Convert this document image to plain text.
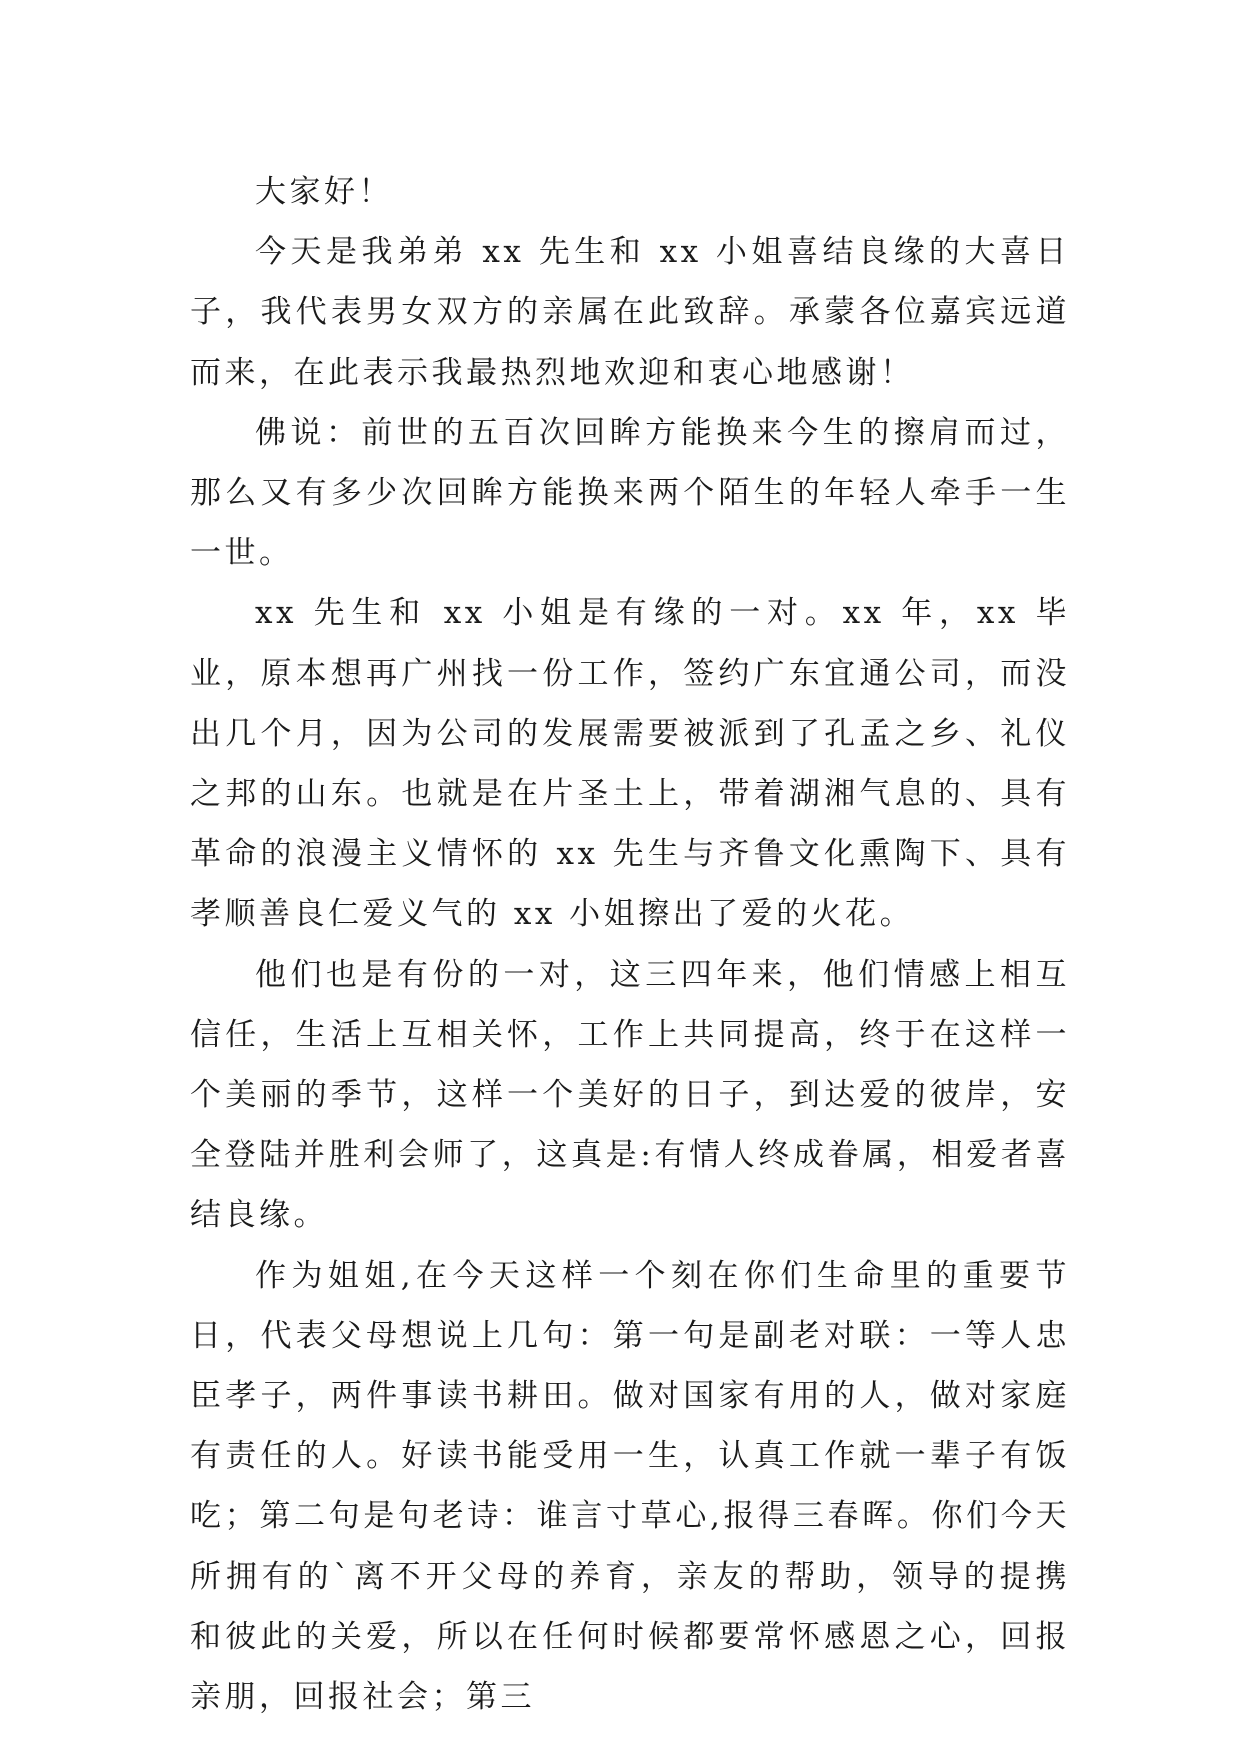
大家好！

今天是我弟弟 xx 先生和 xx 小姐喜结良缘的大喜日子，我代表男女双方的亲属在此致辞。承蒙各位嘉宾远道而来，在此表示我最热烈地欢迎和衷心地感谢！

佛说：前世的五百次回眸方能换来今生的擦肩而过，那么又有多少次回眸方能换来两个陌生的年轻人牵手一生一世。

xx 先生和 xx 小姐是有缘的一对。xx 年，xx 毕业，原本想再广州找一份工作，签约广东宜通公司，而没出几个月，因为公司的发展需要被派到了孔孟之乡、礼仪之邦的山东。也就是在片圣土上，带着湖湘气息的、具有革命的浪漫主义情怀的 xx 先生与齐鲁文化熏陶下、具有孝顺善良仁爱义气的 xx 小姐擦出了爱的火花。

他们也是有份的一对，这三四年来，他们情感上相互信任，生活上互相关怀，工作上共同提高，终于在这样一个美丽的季节，这样一个美好的日子，到达爱的彼岸，安全登陆并胜利会师了，这真是:有情人终成眷属，相爱者喜结良缘。

作为姐姐,在今天这样一个刻在你们生命里的重要节日，代表父母想说上几句：第一句是副老对联：一等人忠臣孝子，两件事读书耕田。做对国家有用的人，做对家庭有责任的人。好读书能受用一生，认真工作就一辈子有饭吃；第二句是句老诗：谁言寸草心,报得三春晖。你们今天所拥有的`离不开父母的养育，亲友的帮助，领导的提携和彼此的关爱，所以在任何时候都要常怀感恩之心，回报亲朋，回报社会；第三
